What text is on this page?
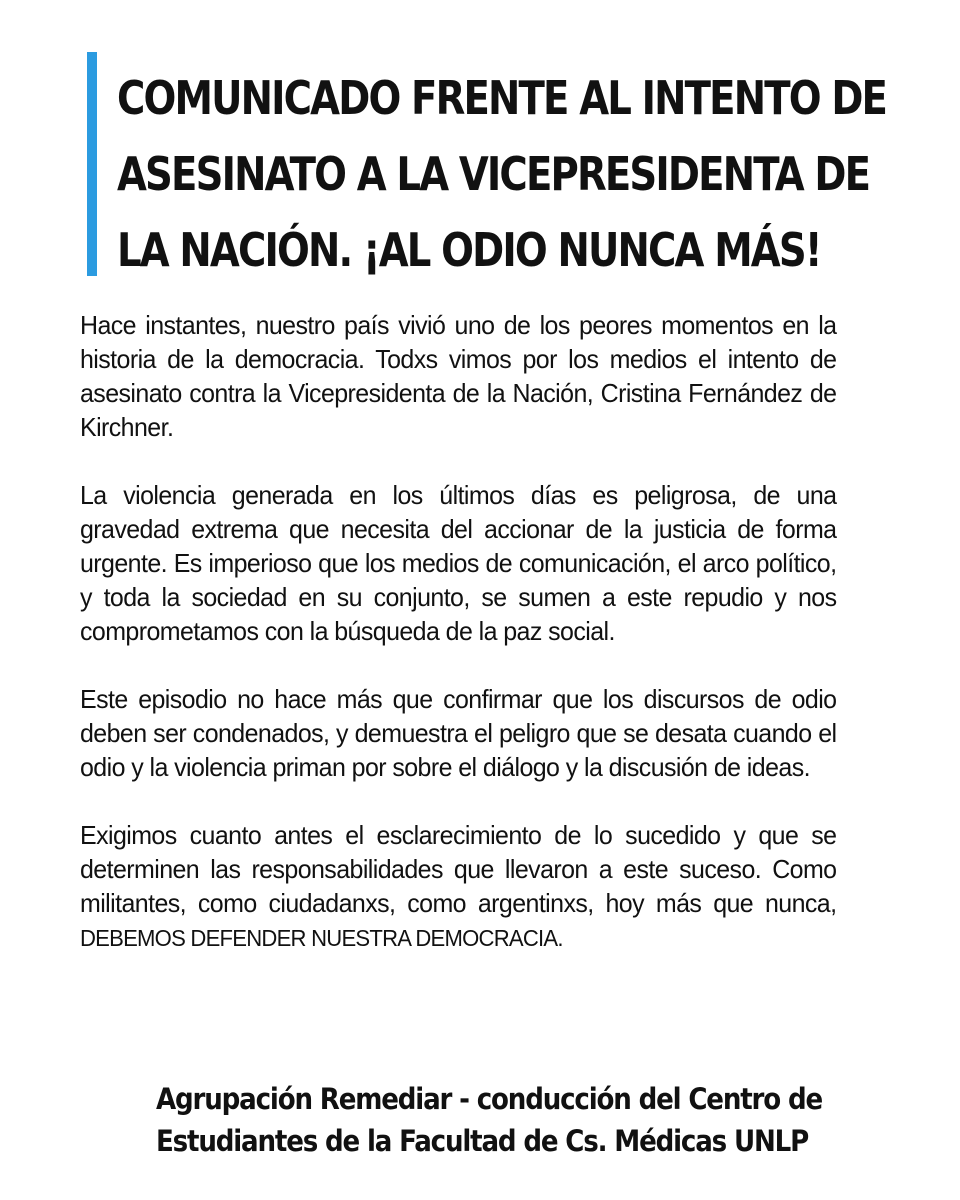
COMUNICADO FRENTE AL INTENTO DE
ASESINATO A LA VICEPRESIDENTA DE
LA NACIÓN. ¡AL ODIO NUNCA MÁS!

Hace instantes, nuestro país vivió uno de los peores momentos en la historia de la democracia. Todxs vimos por los medios el intento de asesinato contra la Vicepresidenta de la Nación, Cristina Fernández de Kirchner.

La violencia generada en los últimos días es peligrosa, de una gravedad extrema que necesita del accionar de la justicia de forma urgente. Es imperioso que los medios de comunicación, el arco político, y toda la sociedad en su conjunto, se sumen a este repudio y nos comprometamos con la búsqueda de la paz social.

Este episodio no hace más que confirmar que los discursos de odio deben ser condenados, y demuestra el peligro que se desata cuando el odio y la violencia priman por sobre el diálogo y la discusión de ideas.

Exigimos cuanto antes el esclarecimiento de lo sucedido y que se determinen las responsabilidades que llevaron a este suceso. Como militantes, como ciudadanxs, como argentinxs, hoy más que nunca, DEBEMOS DEFENDER NUESTRA DEMOCRACIA.

Agrupación Remediar - conducción del Centro de
Estudiantes de la Facultad de Cs. Médicas UNLP
